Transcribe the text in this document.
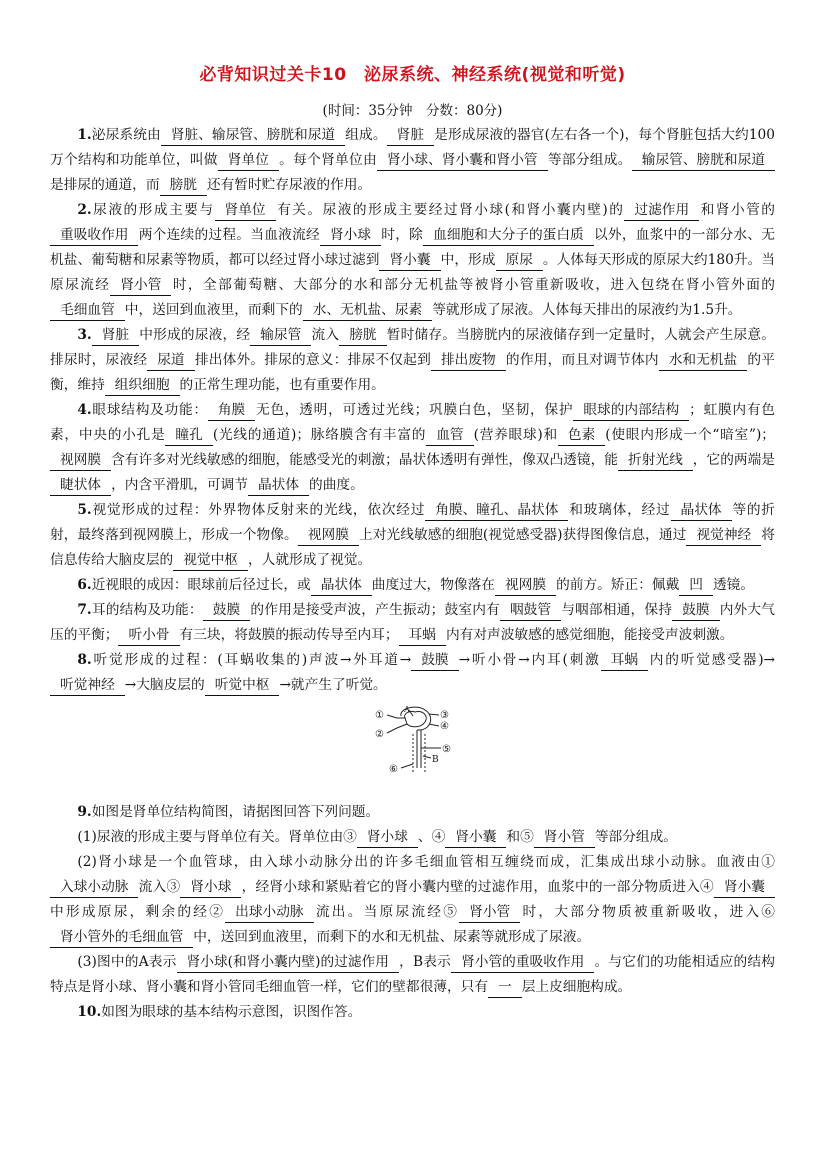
必背知识过关卡10　泌尿系统、神经系统(视觉和听觉)

(时间：35分钟　分数：80分)

1.泌尿系统由 肾脏、输尿管、膀胱和尿道 组成。 肾脏 是形成尿液的器官(左右各一个)，每个肾脏包括大约100万个结构和功能单位，叫做 肾单位 。每个肾单位由 肾小球、肾小囊和肾小管 等部分组成。 输尿管、膀胱和尿道是排尿的通道，而 膀胱 还有暂时贮存尿液的作用。

2.尿液的形成主要与 肾单位 有关。尿液的形成主要经过肾小球(和肾小囊内壁)的 过滤作用 和肾小管的重吸收作用 两个连续的过程。当血液流经 肾小球 时，除 血细胞和大分子的蛋白质 以外，血浆中的一部分水、无机盐、葡萄糖和尿素等物质，都可以经过肾小球过滤到 肾小囊 中，形成 原尿 。人体每天形成的原尿大约180升。当原尿流经 肾小管 时，全部葡萄糖、大部分的水和部分无机盐等被肾小管重新吸收，进入包绕在肾小管外面的毛细血管 中，送回到血液里，而剩下的 水、无机盐、尿素 等就形成了尿液。人体每天排出的尿液约为1.5升。

3. 肾脏 中形成的尿液，经 输尿管 流入 膀胱 暂时储存。当膀胱内的尿液储存到一定量时，人就会产生尿意。排尿时，尿液经 尿道 排出体外。排尿的意义：排尿不仅起到 排出废物 的作用，而且对调节体内 水和无机盐 的平衡，维持 组织细胞 的正常生理功能，也有重要作用。

4.眼球结构及功能： 角膜 无色，透明，可透过光线；巩膜白色，坚韧，保护 眼球的内部结构 ；虹膜内有色素，中央的小孔是 瞳孔 (光线的通道)；脉络膜含有丰富的 血管 (营养眼球)和 色素 (使眼内形成一个“暗室”)；视网膜 含有许多对光线敏感的细胞，能感受光的刺激；晶状体透明有弹性，像双凸透镜，能 折射光线 ，它的两端是睫状体 ，内含平滑肌，可调节 晶状体 的曲度。

5.视觉形成的过程：外界物体反射来的光线，依次经过 角膜、瞳孔、晶状体 和玻璃体，经过 晶状体 等的折射，最终落到视网膜上，形成一个物像。 视网膜 上对光线敏感的细胞(视觉感受器)获得图像信息，通过 视觉神经 将信息传给大脑皮层的 视觉中枢 ，人就形成了视觉。

6.近视眼的成因：眼球前后径过长，或 晶状体 曲度过大，物像落在 视网膜 的前方。矫正：佩戴 凹 透镜。

7.耳的结构及功能： 鼓膜 的作用是接受声波，产生振动；鼓室内有 咽鼓管 与咽部相通，保持 鼓膜 内外大气压的平衡； 听小骨 有三块，将鼓膜的振动传导至内耳； 耳蜗 内有对声波敏感的感觉细胞，能接受声波刺激。

8.听觉形成的过程：(耳蜗收集的)声波→外耳道→ 鼓膜 →听小骨→内耳(刺激 耳蜗 内的听觉感受器)→听觉神经 →大脑皮层的 听觉中枢 →就产生了听觉。

①
②
③
④
⑤
⑥
A
B

9.如图是肾单位结构简图，请据图回答下列问题。

(1)尿液的形成主要与肾单位有关。肾单位由③ 肾小球 、④ 肾小囊 和⑤ 肾小管 等部分组成。

(2)肾小球是一个血管球，由入球小动脉分出的许多毛细血管相互缠绕而成，汇集成出球小动脉。血液由①入球小动脉 流入③ 肾小球 ，经肾小球和紧贴着它的肾小囊内壁的过滤作用，血浆中的一部分物质进入④ 肾小囊中形成原尿，剩余的经② 出球小动脉 流出。当原尿流经⑤ 肾小管 时，大部分物质被重新吸收，进入⑥肾小管外的毛细血管 中，送回到血液里，而剩下的水和无机盐、尿素等就形成了尿液。

(3)图中的A表示 肾小球(和肾小囊内壁)的过滤作用 ，B表示 肾小管的重吸收作用 。与它们的功能相适应的结构特点是肾小球、肾小囊和肾小管同毛细血管一样，它们的壁都很薄，只有 一 层上皮细胞构成。

10.如图为眼球的基本结构示意图，识图作答。
